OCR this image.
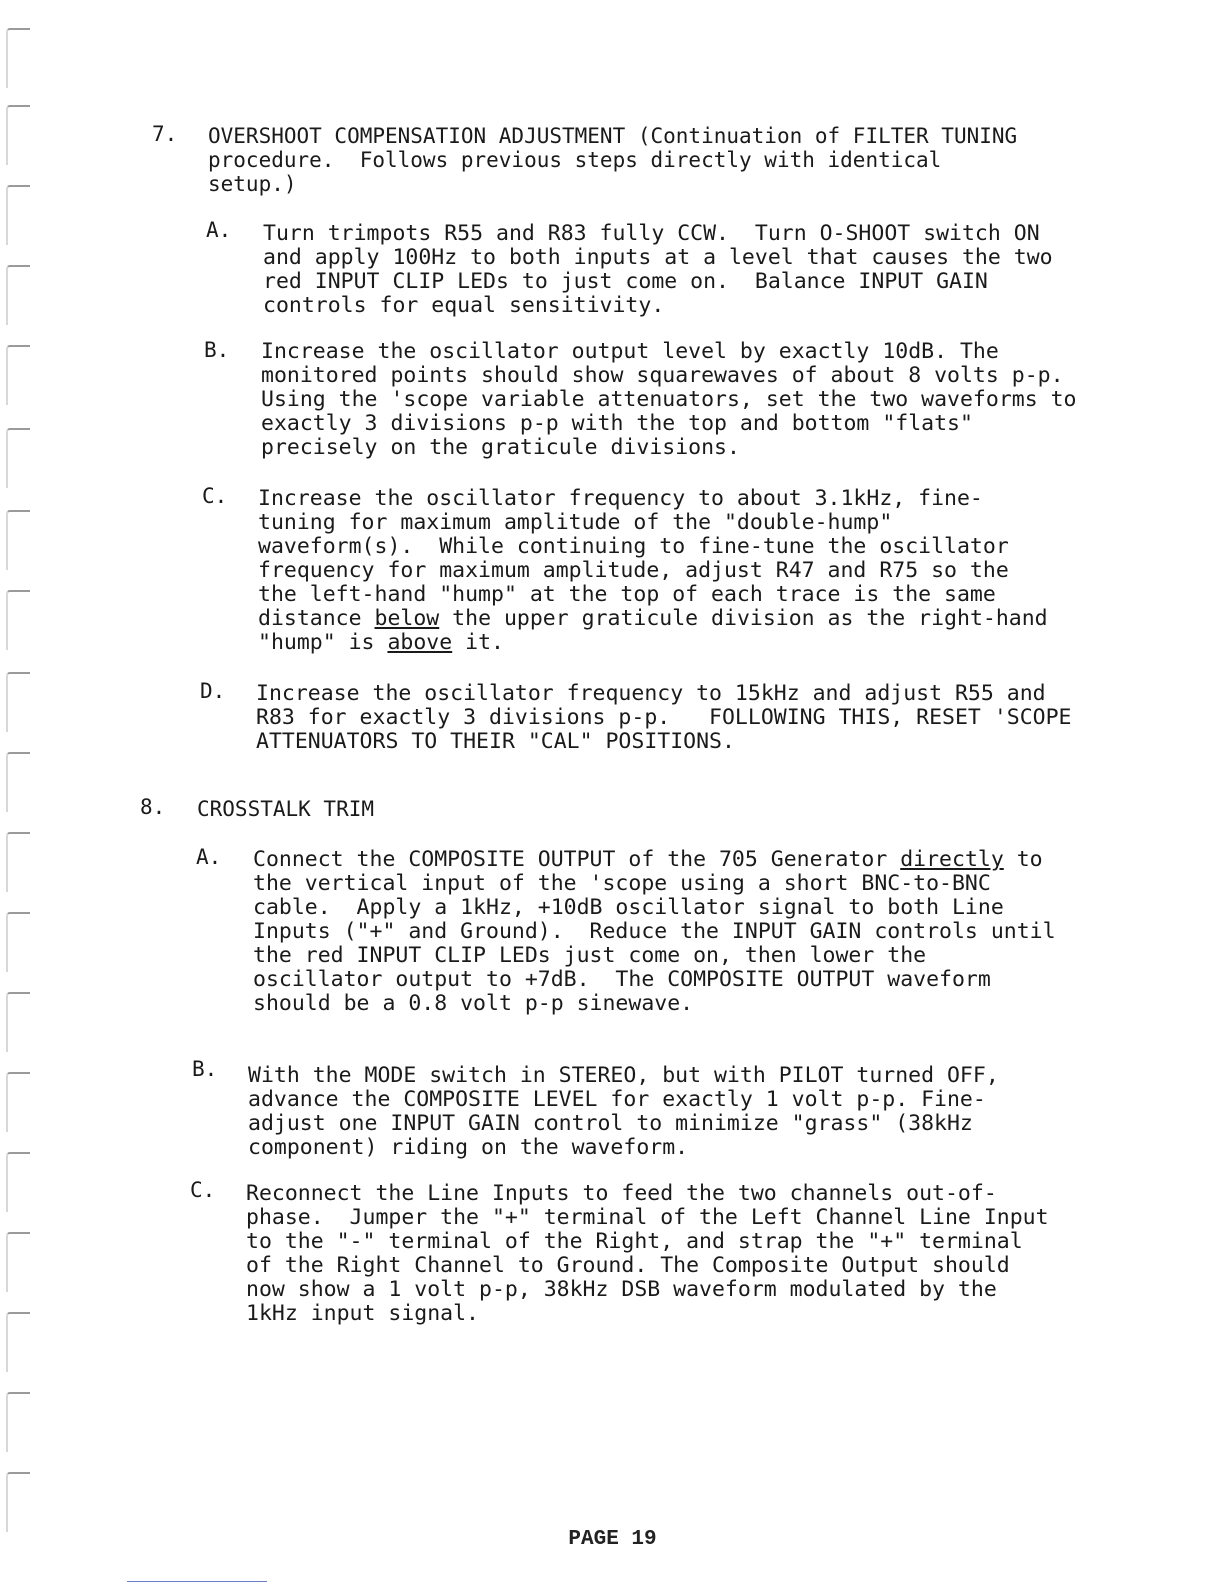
7. OVERSHOOT COMPENSATION ADJUSTMENT (Continuation of FILTER TUNING procedure.  Follows previous steps directly with identical setup.)
A. Turn trimpots R55 and R83 fully CCW.  Turn O-SHOOT switch ON and apply 100Hz to both inputs at a level that causes the two red INPUT CLIP LEDs to just come on.  Balance INPUT GAIN controls for equal sensitivity.
B. Increase the oscillator output level by exactly 10dB. The monitored points should show squarewaves of about 8 volts p-p.  Using the 'scope variable attenuators, set the two waveforms to exactly 3 divisions p-p with the top and bottom "flats" precisely on the graticule divisions.
C. Increase the oscillator frequency to about 3.1kHz, fine-tuning for maximum amplitude of the "double-hump" waveform(s).  While continuing to fine-tune the oscillator frequency for maximum amplitude, adjust R47 and R75 so the the left-hand "hump" at the top of each trace is the same distance below the upper graticule division as the right-hand "hump" is above it.
D. Increase the oscillator frequency to 15kHz and adjust R55 and R83 for exactly 3 divisions p-p.   FOLLOWING THIS, RESET 'SCOPE ATTENUATORS TO THEIR "CAL" POSITIONS.
8. CROSSTALK TRIM
A. Connect the COMPOSITE OUTPUT of the 705 Generator directly to the vertical input of the 'scope using a short BNC-to-BNC cable.  Apply a 1kHz, +10dB oscillator signal to both Line Inputs ("+" and Ground).  Reduce the INPUT GAIN controls until the red INPUT CLIP LEDs just come on, then lower the oscillator output to +7dB.  The COMPOSITE OUTPUT waveform should be a 0.8 volt p-p sinewave.
B. With the MODE switch in STEREO, but with PILOT turned OFF, advance the COMPOSITE LEVEL for exactly 1 volt p-p. Fine-adjust one INPUT GAIN control to minimize "grass" (38kHz component) riding on the waveform.
C. Reconnect the Line Inputs to feed the two channels out-of-phase.  Jumper the "+" terminal of the Left Channel Line Input to the "-" terminal of the Right, and strap the "+" terminal of the Right Channel to Ground. The Composite Output should now show a 1 volt p-p, 38kHz DSB waveform modulated by the 1kHz input signal.
PAGE 19
